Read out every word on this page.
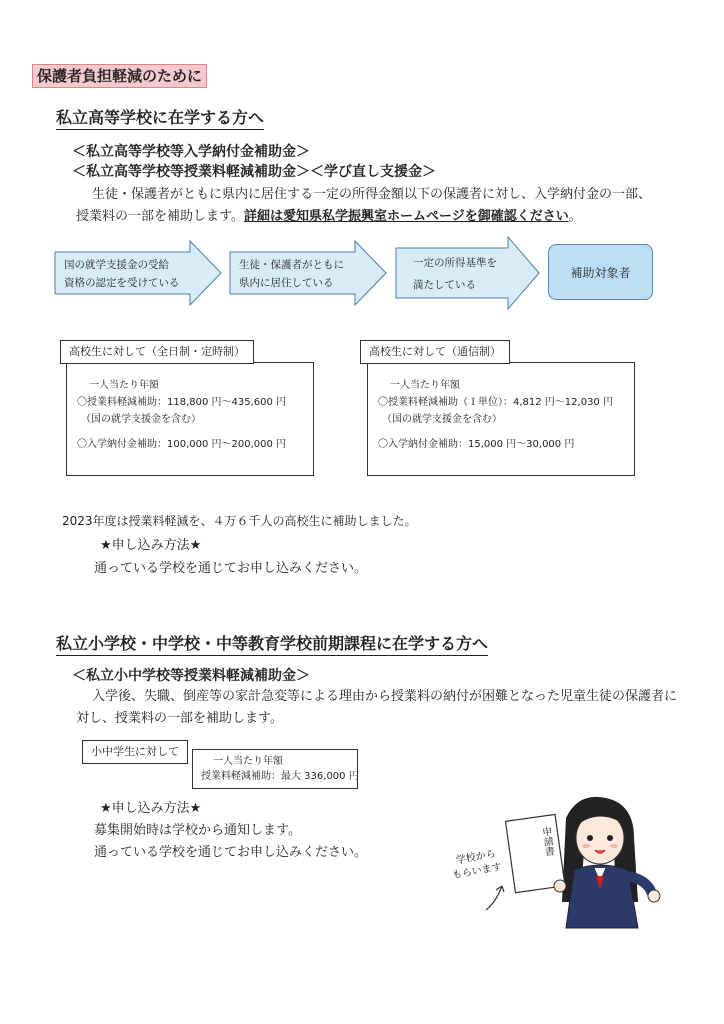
保護者負担軽減のために
私立高等学校に在学する方へ
＜私立高等学校等入学納付金補助金＞
＜私立高等学校等授業料軽減補助金＞＜学び直し支援金＞
生徒・保護者がともに県内に居住する一定の所得金額以下の保護者に対し、入学納付金の一部、
授業料の一部を補助します。詳細は愛知県私学振興室ホームページを御確認ください。
国の就学支援金の受給
資格の認定を受けている
生徒・保護者がともに
県内に居住している
一定の所得基準を
満たしている
補助対象者
一人当たり年額
〇授業料軽減補助：118,800 円～435,600 円
（国の就学支援金を含む）
〇入学納付金補助：100,000 円～200,000 円
高校生に対して（全日制・定時制）
一人当たり年額
〇授業料軽減補助（１単位）：4,812 円～12,030 円
（国の就学支援金を含む）
〇入学納付金補助：15,000 円～30,000 円
高校生に対して（通信制）
2023年度は授業料軽減を、４万６千人の高校生に補助しました。
★申し込み方法★
通っている学校を通じてお申し込みください。
私立小学校・中学校・中等教育学校前期課程に在学する方へ
＜私立小中学校等授業料軽減補助金＞
入学後、失職、倒産等の家計急変等による理由から授業料の納付が困難となった児童生徒の保護者に
対し、授業料の一部を補助します。
一人当たり年額
授業料軽減補助：最大 336,000 円
小中学生に対して
★申し込み方法★
募集開始時は学校から通知します。
通っている学校を通じてお申し込みください。	申請書
学校から
もらいます
